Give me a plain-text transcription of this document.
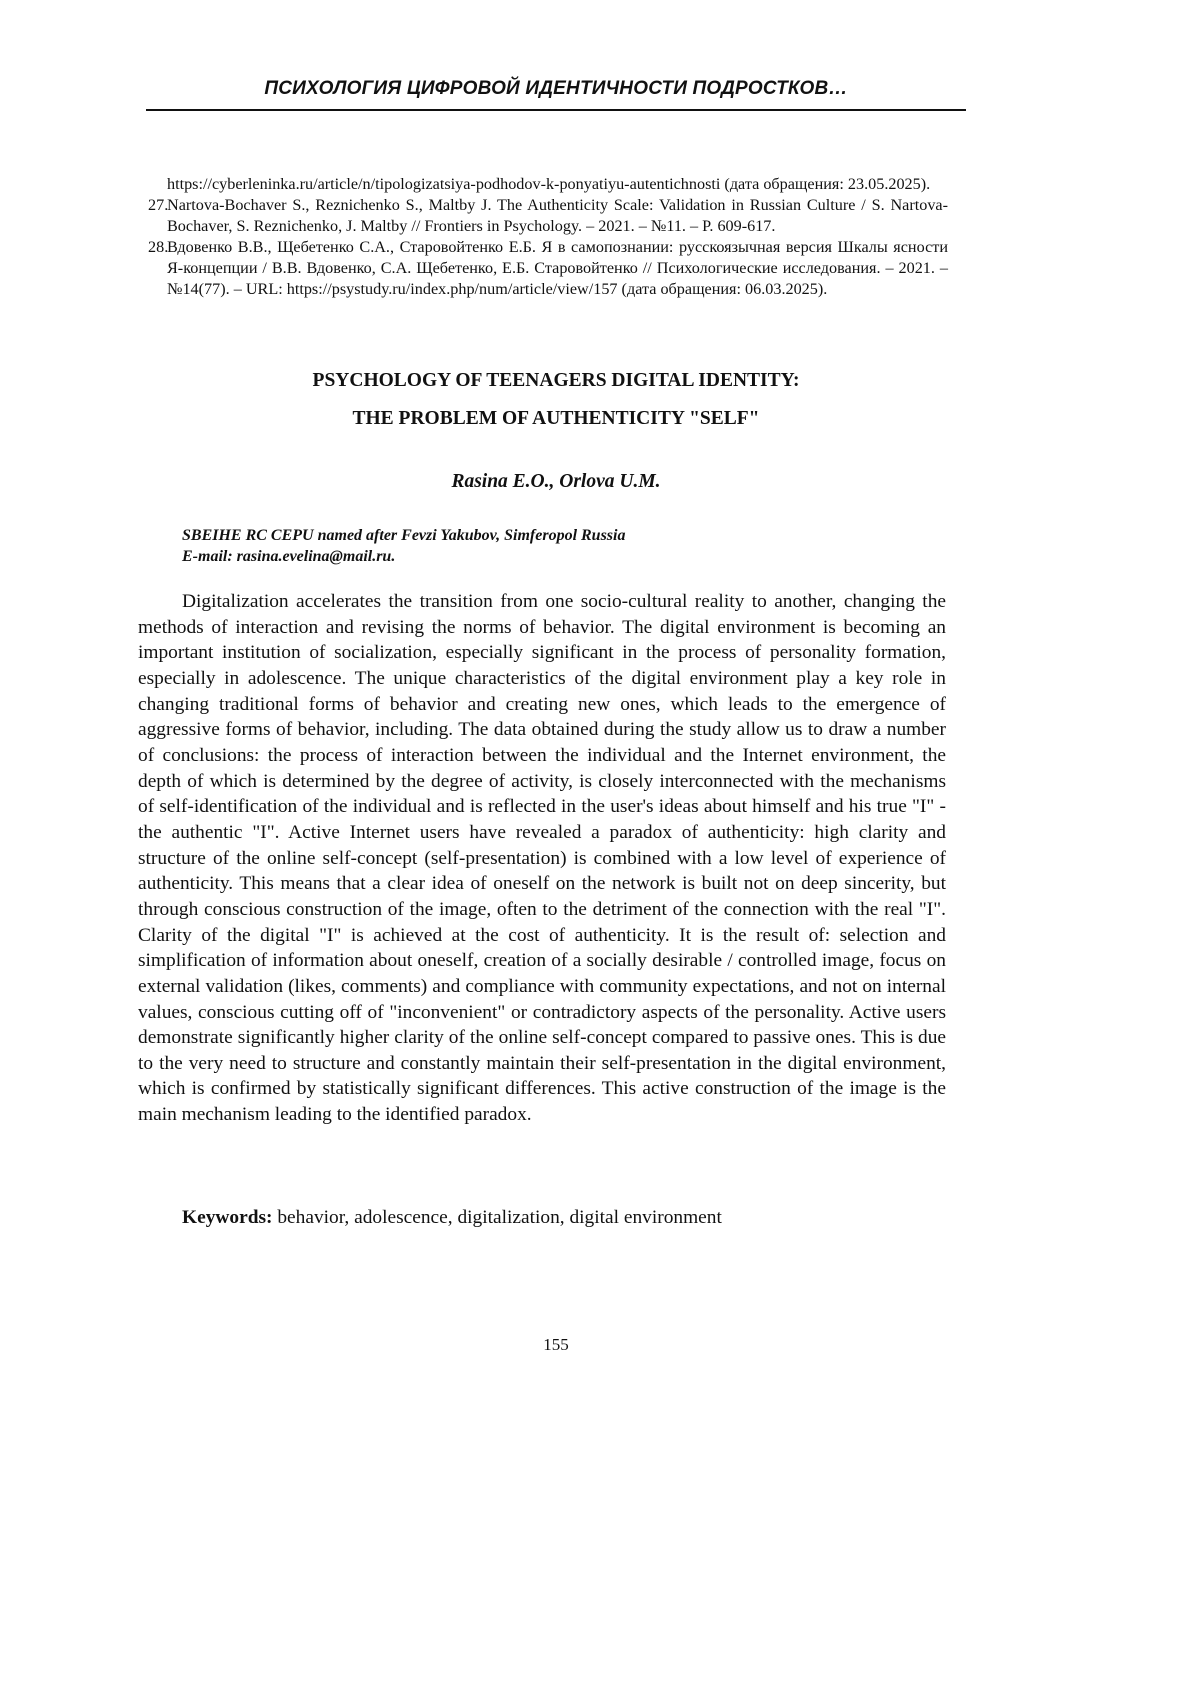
ПСИХОЛОГИЯ ЦИФРОВОЙ ИДЕНТИЧНОСТИ ПОДРОСТКОВ…
https://cyberleninka.ru/article/n/tipologizatsiya-podhodov-k-ponyatiyu-autentichnosti (дата обращения: 23.05.2025).
27.
Nartova-Bochaver S., Reznichenko S., Maltby J. The Authenticity Scale: Validation in Russian Culture / S. Nartova-Bochaver, S. Reznichenko, J. Maltby // Frontiers in Psychology. – 2021. – №11. – P. 609-617.
28.
Вдовенко В.В., Щебетенко С.А., Старовойтенко Е.Б. Я в самопознании: русскоязычная версия Шкалы ясности Я-концепции / В.В. Вдовенко, С.А. Щебетенко, Е.Б. Старовойтенко // Психологические исследования. – 2021. – №14(77). – URL: https://psystudy.ru/index.php/num/article/view/157 (дата обращения: 06.03.2025).
PSYCHOLOGY OF TEENAGERS DIGITAL IDENTITY:
THE PROBLEM OF AUTHENTICITY "SELF"
Rasina E.O., Orlova U.M.
SBEIHE RC CEPU named after Fevzi Yakubov, Simferopol Russia
E-mail: rasina.evelina@mail.ru.

Digitalization accelerates the transition from one socio-cultural reality to another, changing the methods of interaction and revising the norms of behavior. The digital environment is becoming an important institution of socialization, especially significant in the process of personality formation, especially in adolescence. The unique characteristics of the digital environment play a key role in changing traditional forms of behavior and creating new ones, which leads to the emergence of aggressive forms of behavior, including. The data obtained during the study allow us to draw a number of conclusions: the process of interaction between the individual and the Internet environment, the depth of which is determined by the degree of activity, is closely interconnected with the mechanisms of self-identification of the individual and is reflected in the user's ideas about himself and his true "I" - the authentic "I". Active Internet users have revealed a paradox of authenticity: high clarity and structure of the online self-concept (self-presentation) is combined with a low level of experience of authenticity. This means that a clear idea of oneself on the network is built not on deep sincerity, but through conscious construction of the image, often to the detriment of the connection with the real "I". Clarity of the digital "I" is achieved at the cost of authenticity. It is the result of: selection and simplification of information about oneself, creation of a socially desirable / controlled image, focus on external validation (likes, comments) and compliance with community expectations, and not on internal values, conscious cutting off of "inconvenient" or contradictory aspects of the personality. Active users demonstrate significantly higher clarity of the online self-concept compared to passive ones. This is due to the very need to structure and constantly maintain their self-presentation in the digital environment, which is confirmed by statistically significant differences. This active construction of the image is the main mechanism leading to the identified paradox.

Keywords: behavior, adolescence, digitalization, digital environment
155
